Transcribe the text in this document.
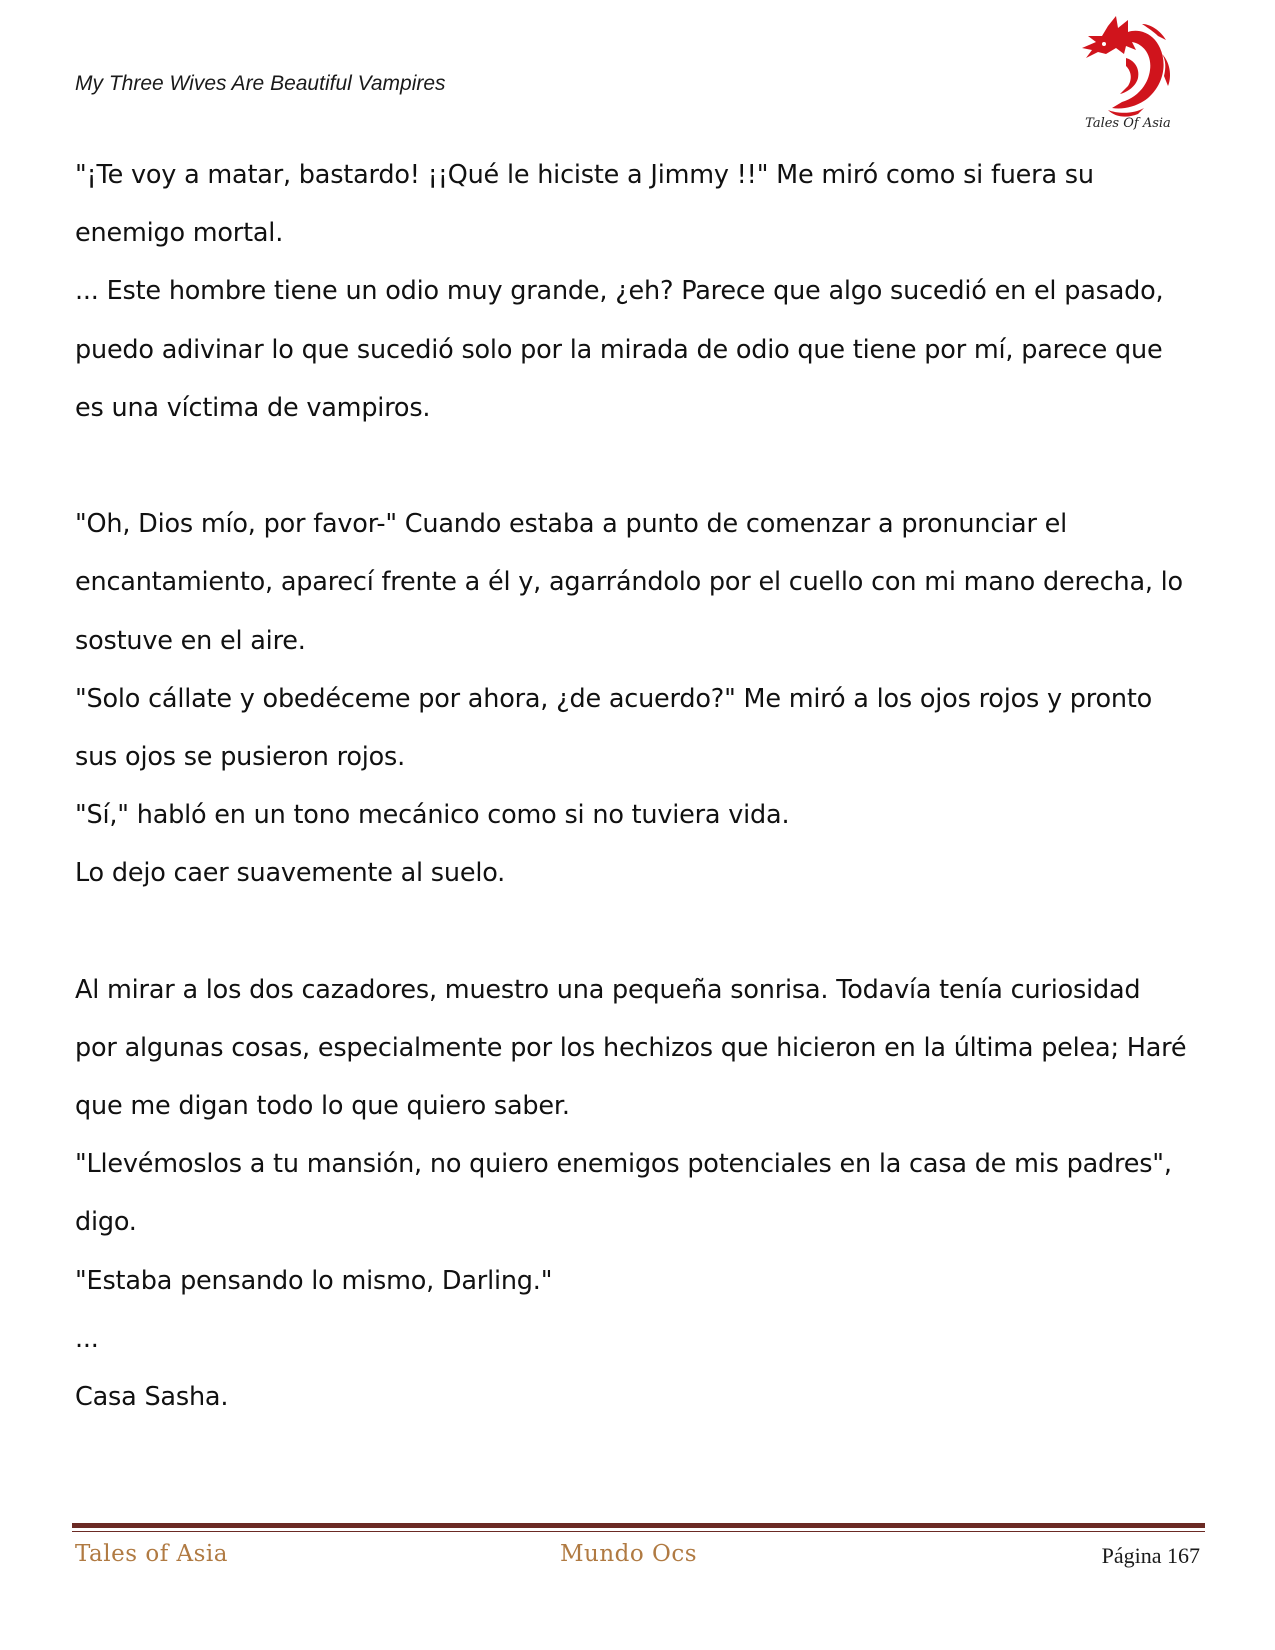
My Three Wives Are Beautiful Vampires
Tales Of Asia
"¡Te voy a matar, bastardo! ¡¡Qué le hiciste a Jimmy !!" Me miró como si fuera su
enemigo mortal.
... Este hombre tiene un odio muy grande, ¿eh? Parece que algo sucedió en el pasado,
puedo adivinar lo que sucedió solo por la mirada de odio que tiene por mí, parece que
es una víctima de vampiros.
"Oh, Dios mío, por favor-" Cuando estaba a punto de comenzar a pronunciar el
encantamiento, aparecí frente a él y, agarrándolo por el cuello con mi mano derecha, lo
sostuve en el aire.
"Solo cállate y obedéceme por ahora, ¿de acuerdo?" Me miró a los ojos rojos y pronto
sus ojos se pusieron rojos.
"Sí," habló en un tono mecánico como si no tuviera vida.
Lo dejo caer suavemente al suelo.
Al mirar a los dos cazadores, muestro una pequeña sonrisa. Todavía tenía curiosidad
por algunas cosas, especialmente por los hechizos que hicieron en la última pelea; Haré
que me digan todo lo que quiero saber.
"Llevémoslos a tu mansión, no quiero enemigos potenciales en la casa de mis padres",
digo.
"Estaba pensando lo mismo, Darling."
...
Casa Sasha.
Tales of Asia	Mundo Ocs	Página 167
